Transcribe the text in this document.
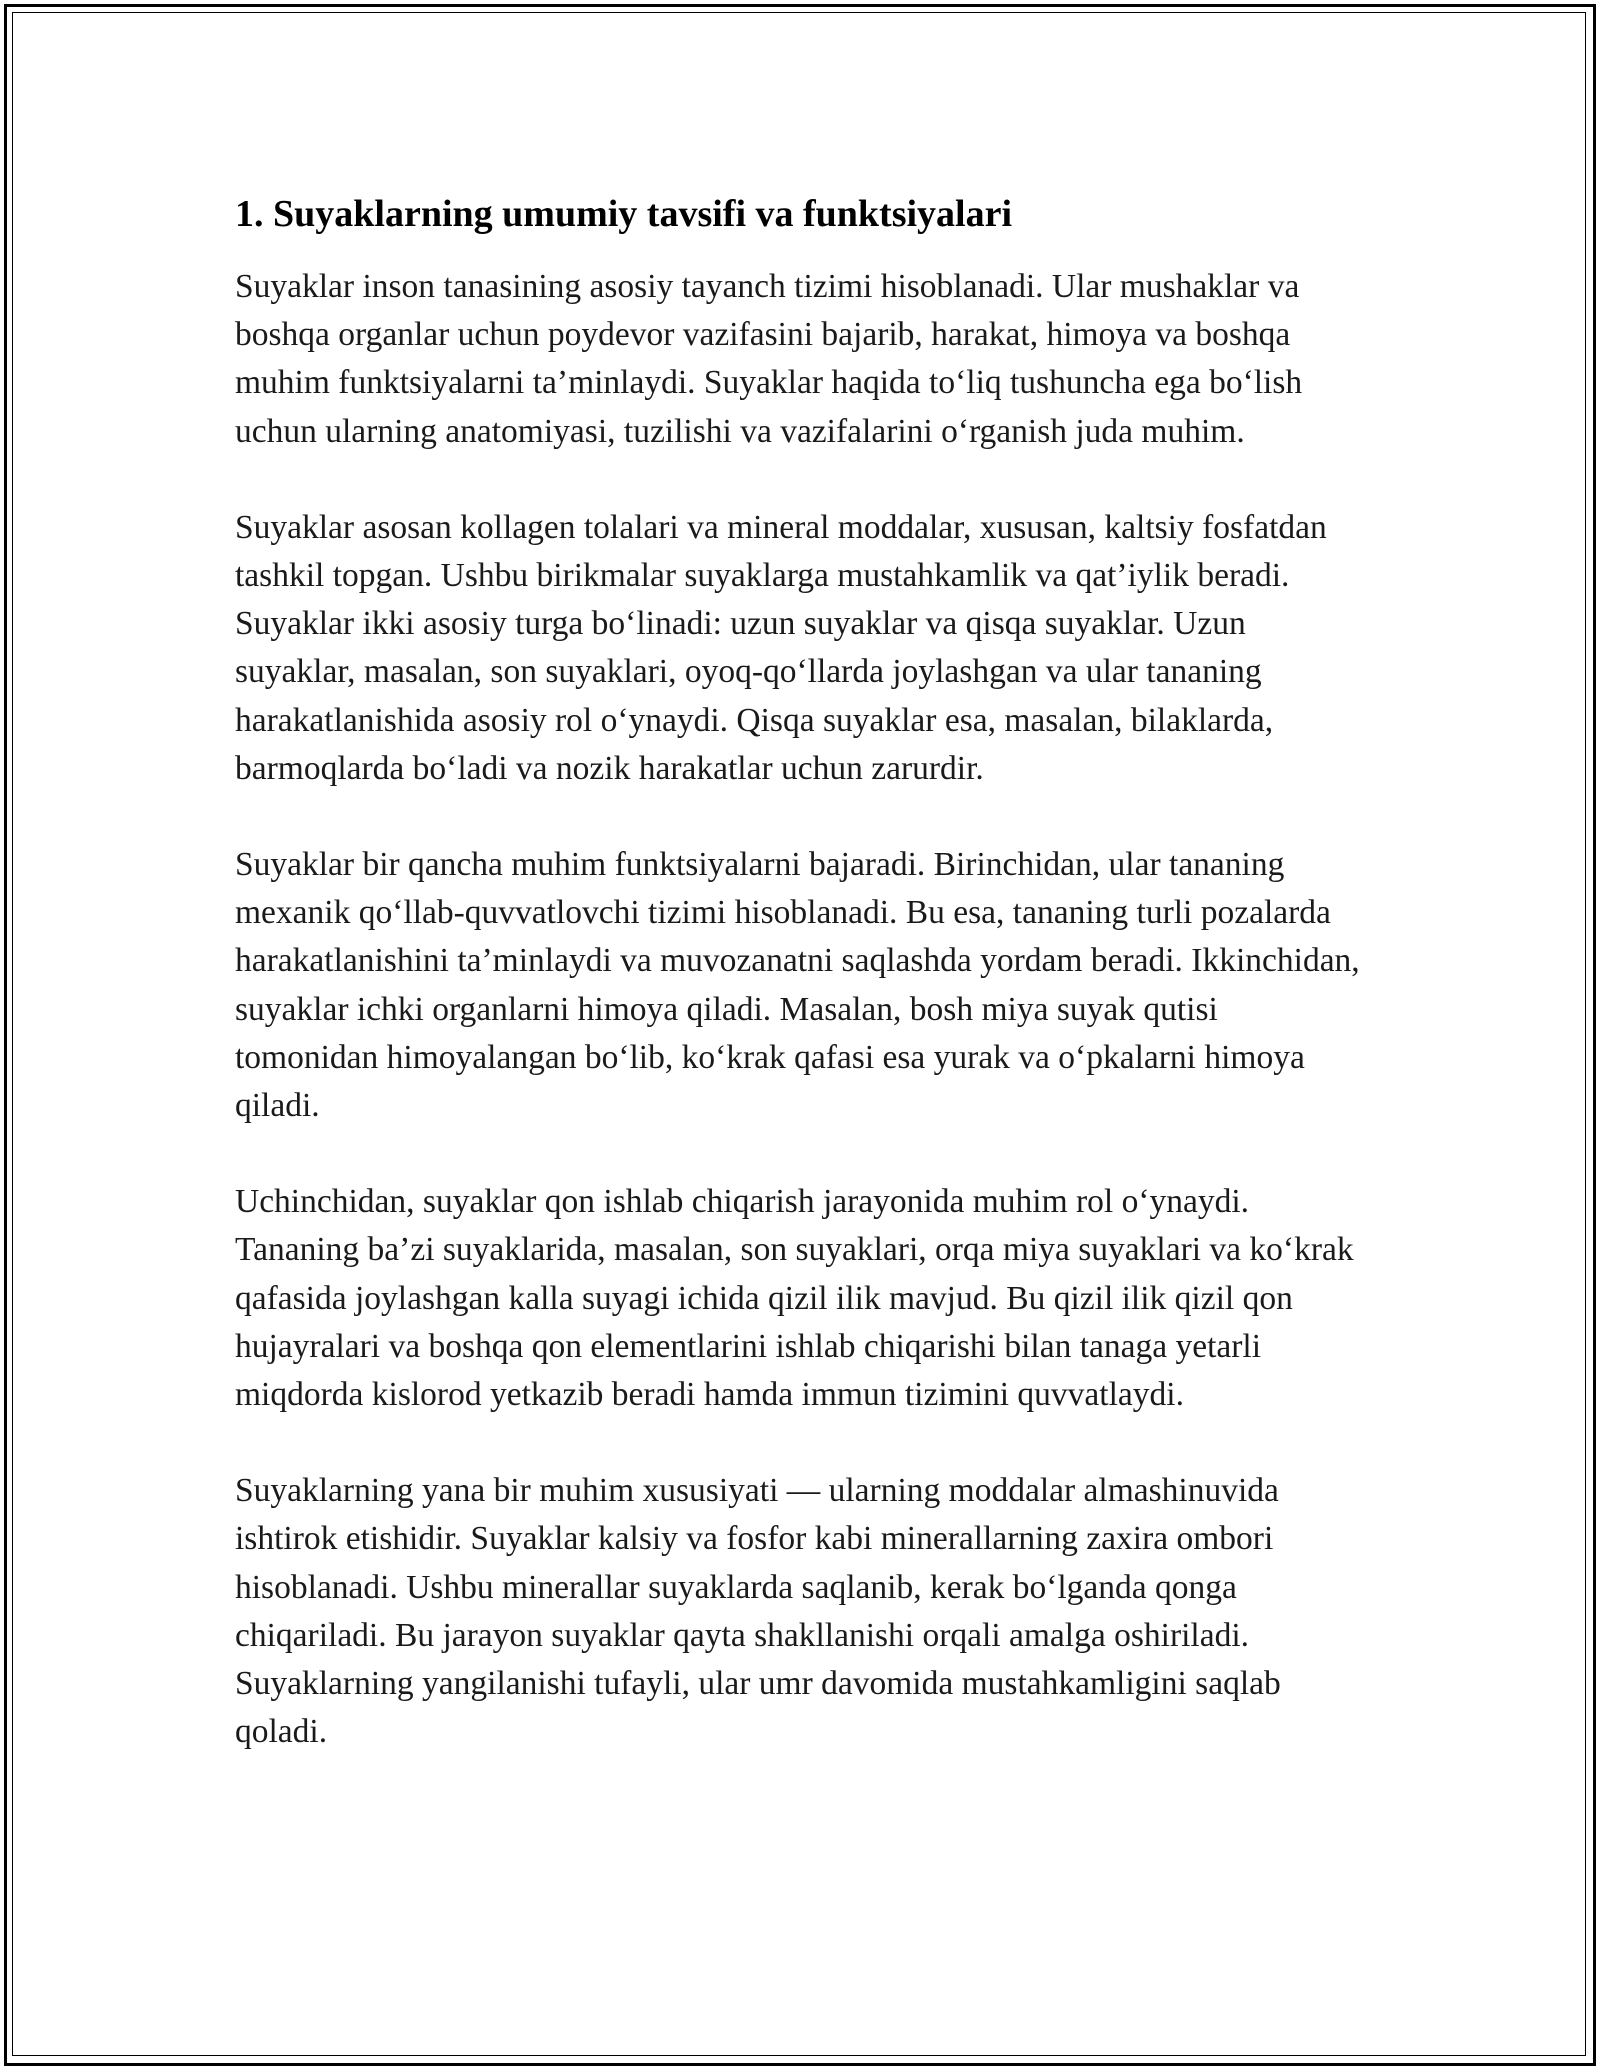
1. Suyaklarning umumiy tavsifi va funktsiyalari

Suyaklar inson tanasining asosiy tayanch tizimi hisoblanadi. Ular mushaklar va boshqa organlar uchun poydevor vazifasini bajarib, harakat, himoya va boshqa muhim funktsiyalarni ta’minlaydi. Suyaklar haqida to‘liq tushuncha ega bo‘lish uchun ularning anatomiyasi, tuzilishi va vazifalarini o‘rganish juda muhim.

Suyaklar asosan kollagen tolalari va mineral moddalar, xususan, kaltsiy fosfatdan tashkil topgan. Ushbu birikmalar suyaklarga mustahkamlik va qat’iylik beradi. Suyaklar ikki asosiy turga bo‘linadi: uzun suyaklar va qisqa suyaklar. Uzun suyaklar, masalan, son suyaklari, oyoq-qo‘llarda joylashgan va ular tananing harakatlanishida asosiy rol o‘ynaydi. Qisqa suyaklar esa, masalan, bilaklarda, barmoqlarda bo‘ladi va nozik harakatlar uchun zarurdir.

Suyaklar bir qancha muhim funktsiyalarni bajaradi. Birinchidan, ular tananing mexanik qo‘llab-quvvatlovchi tizimi hisoblanadi. Bu esa, tananing turli pozalarda harakatlanishini ta’minlaydi va muvozanatni saqlashda yordam beradi. Ikkinchidan, suyaklar ichki organlarni himoya qiladi. Masalan, bosh miya suyak qutisi tomonidan himoyalangan bo‘lib, ko‘krak qafasi esa yurak va o‘pkalarni himoya qiladi.

Uchinchidan, suyaklar qon ishlab chiqarish jarayonida muhim rol o‘ynaydi. Tananing ba’zi suyaklarida, masalan, son suyaklari, orqa miya suyaklari va ko‘krak qafasida joylashgan kalla suyagi ichida qizil ilik mavjud. Bu qizil ilik qizil qon hujayralari va boshqa qon elementlarini ishlab chiqarishi bilan tanaga yetarli miqdorda kislorod yetkazib beradi hamda immun tizimini quvvatlaydi.

Suyaklarning yana bir muhim xususiyati — ularning moddalar almashinuvida ishtirok etishidir. Suyaklar kalsiy va fosfor kabi minerallarning zaxira ombori hisoblanadi. Ushbu minerallar suyaklarda saqlanib, kerak bo‘lganda qonga chiqariladi. Bu jarayon suyaklar qayta shakllanishi orqali amalga oshiriladi. Suyaklarning yangilanishi tufayli, ular umr davomida mustahkamligini saqlab qoladi.
